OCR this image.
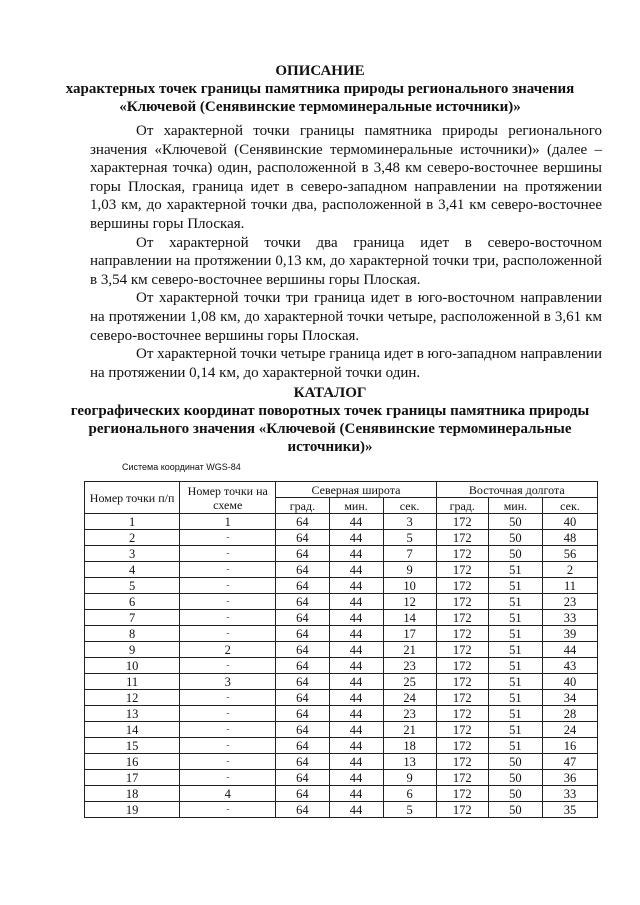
ОПИСАНИЕ
характерных точек границы памятника природы регионального значения
«Ключевой (Сенявинские термоминеральные источники)»

От характерной точки границы памятника природы регионального значения «Ключевой (Сенявинские термоминеральные источники)» (далее – характерная точка) один, расположенной в 3,48 км северо-восточнее вершины горы Плоская, граница идет в северо-западном направлении на протяжении 1,03 км, до характерной точки два, расположенной в 3,41 км северо-восточнее вершины горы Плоская.

От характерной точки два граница идет в северо-восточном направлении на протяжении 0,13 км, до характерной точки три, расположенной в 3,54 км северо-восточнее вершины горы Плоская.

От характерной точки три граница идет в юго-восточном направлении на протяжении 1,08 км, до характерной точки четыре, расположенной в 3,61 км северо-восточнее вершины горы Плоская.

От характерной точки четыре граница идет в юго-западном направлении на протяжении 0,14 км, до характерной точки один.

КАТАЛОГ
географических координат поворотных точек границы памятника природы
регионального значения «Ключевой (Сенявинские термоминеральные
источники)»
Система координат WGS-84
Номер точки п/п	Номер точки на схеме	Северная широта			Восточная долгота		
		град.	мин.	сек.	град.	мин.	сек.
1	1	64	44	3	172	50	40
2	-	64	44	5	172	50	48
3	-	64	44	7	172	50	56
4	-	64	44	9	172	51	2
5	-	64	44	10	172	51	11
6	-	64	44	12	172	51	23
7	-	64	44	14	172	51	33
8	-	64	44	17	172	51	39
9	2	64	44	21	172	51	44
10	-	64	44	23	172	51	43
11	3	64	44	25	172	51	40
12	-	64	44	24	172	51	34
13	-	64	44	23	172	51	28
14	-	64	44	21	172	51	24
15	-	64	44	18	172	51	16
16	-	64	44	13	172	50	47
17	-	64	44	9	172	50	36
18	4	64	44	6	172	50	33
19	-	64	44	5	172	50	35
